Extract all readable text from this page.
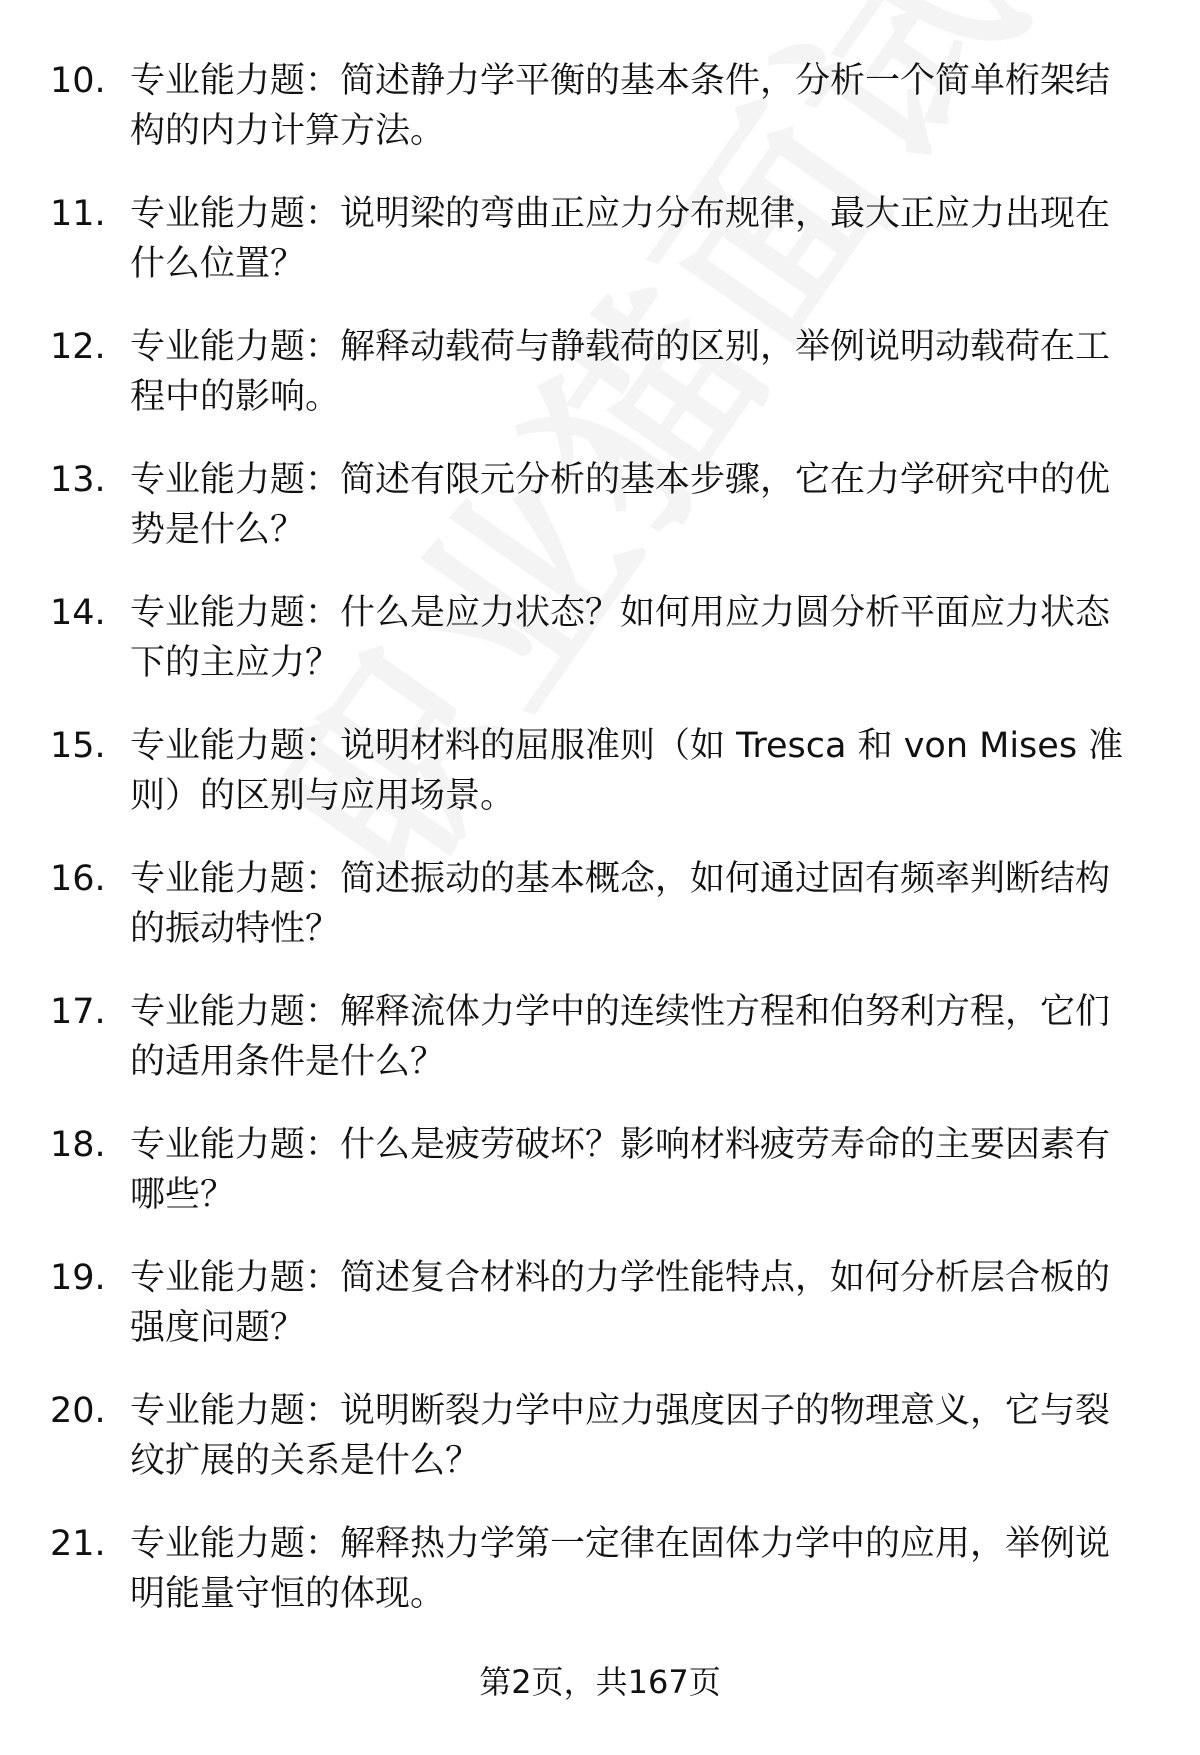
10. 专业能力题：简述静力学平衡的基本条件，分析一个简单桁架结构的内力计算方法。
11. 专业能力题：说明梁的弯曲正应力分布规律，最大正应力出现在什么位置？
12. 专业能力题：解释动载荷与静载荷的区别，举例说明动载荷在工程中的影响。
13. 专业能力题：简述有限元分析的基本步骤，它在力学研究中的优势是什么？
14. 专业能力题：什么是应力状态？如何用应力圆分析平面应力状态下的主应力？
15. 专业能力题：说明材料的屈服准则（如 Tresca 和 von Mises 准则）的区别与应用场景。
16. 专业能力题：简述振动的基本概念，如何通过固有频率判断结构的振动特性？
17. 专业能力题：解释流体力学中的连续性方程和伯努利方程，它们的适用条件是什么？
18. 专业能力题：什么是疲劳破坏？影响材料疲劳寿命的主要因素有哪些？
19. 专业能力题：简述复合材料的力学性能特点，如何分析层合板的强度问题？
20. 专业能力题：说明断裂力学中应力强度因子的物理意义，它与裂纹扩展的关系是什么？
21. 专业能力题：解释热力学第一定律在固体力学中的应用，举例说明能量守恒的体现。
第2页，共167页
